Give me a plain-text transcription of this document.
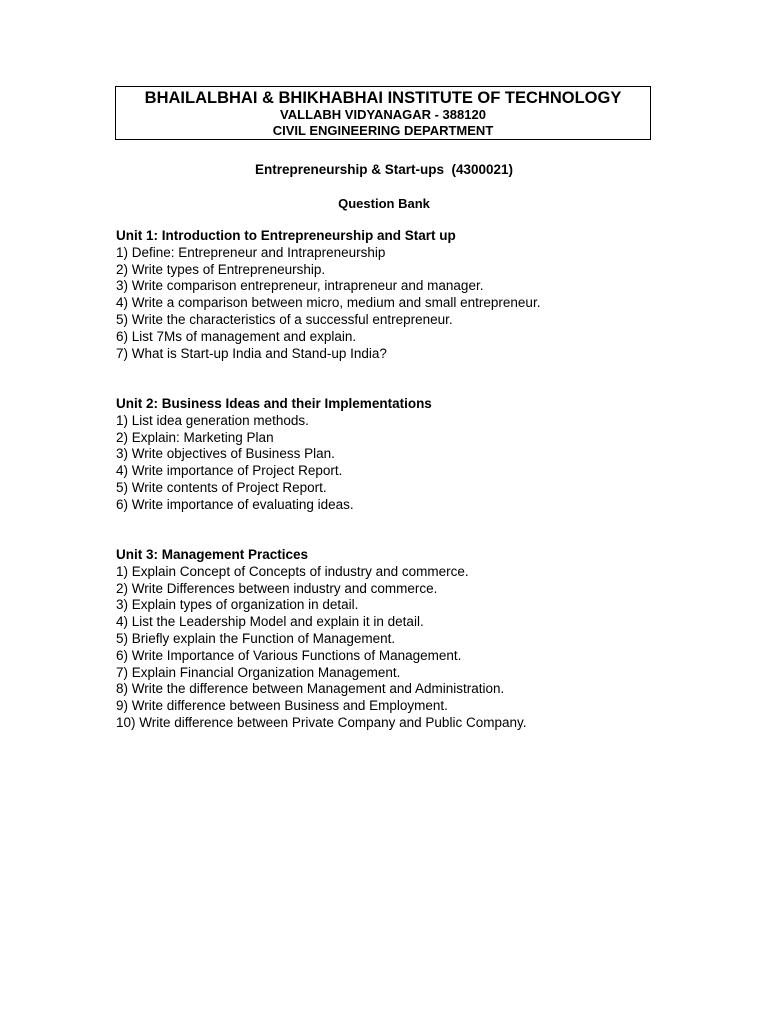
BHAILALBHAI & BHIKHABHAI INSTITUTE OF TECHNOLOGY
VALLABH VIDYANAGAR - 388120
CIVIL ENGINEERING DEPARTMENT
Entrepreneurship & Start-ups  (4300021)
Question Bank
Unit 1: Introduction to Entrepreneurship and Start up
1) Define: Entrepreneur and Intrapreneurship
2) Write types of Entrepreneurship.
3) Write comparison entrepreneur, intrapreneur and manager.
4) Write a comparison between micro, medium and small entrepreneur.
5) Write the characteristics of a successful entrepreneur.
6) List 7Ms of management and explain.
7) What is Start-up India and Stand-up India?
Unit 2: Business Ideas and their Implementations
1) List idea generation methods.
2) Explain: Marketing Plan
3) Write objectives of Business Plan.
4) Write importance of Project Report.
5) Write contents of Project Report.
6) Write importance of evaluating ideas.
Unit 3: Management Practices
1) Explain Concept of Concepts of industry and commerce.
2) Write Differences between industry and commerce.
3) Explain types of organization in detail.
4) List the Leadership Model and explain it in detail.
5) Briefly explain the Function of Management.
6) Write Importance of Various Functions of Management.
7) Explain Financial Organization Management.
8) Write the difference between Management and Administration.
9) Write difference between Business and Employment.
10) Write difference between Private Company and Public Company.
